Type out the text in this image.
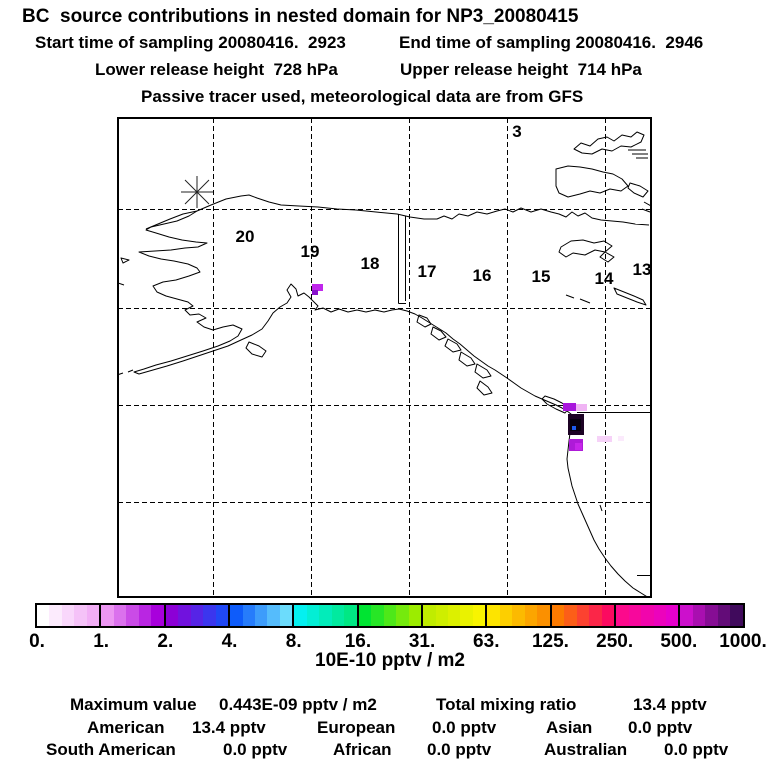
BC  source contributions in nested domain for NP3_20080415
Start time of sampling 20080416.  2923	End time of sampling 20080416.  2946
Lower release height  728 hPa	Upper release height  714 hPa
Passive tracer used, meteorological data are from GFS
3
20
19
18 17 16 15	14 13
0.	1.	2.	4.	8. 16. 31. 63. 125. 250. 500. 1000.
10E-10 pptv / m2
Maximum value 0.443E-09 pptv / m2	Total mixing ratio	13.4 pptv
American 13.4 pptv	European 0.0 pptv	Asian 0.0 pptv
South American	0.0 pptv	African 0.0 pptv	Australian 0.0 pptv
